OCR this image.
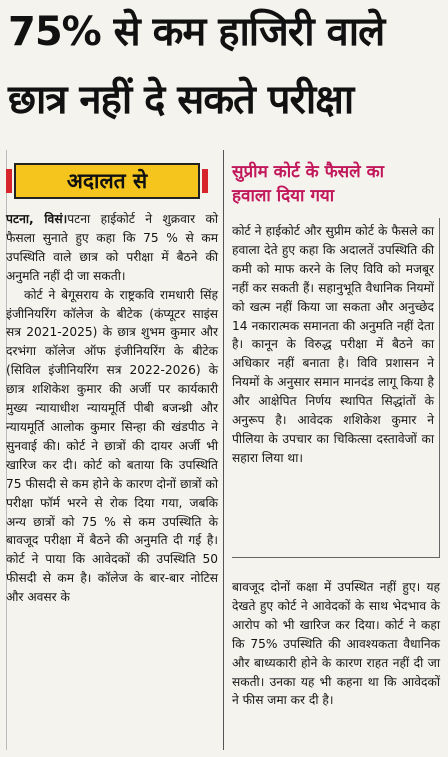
75% से कम हाजिरी वाले
छात्र नहीं दे सकते परीक्षा
अदालत से	सुप्रीम कोर्ट के फैसले का
हवाला दिया गया

पटना, विसं।पटना हाईकोर्ट ने शुक्रवार को फैसला सुनाते हुए कहा कि 75 % से कम उपस्थिति वाले छात्र को परीक्षा में बैठने की अनुमति नहीं दी जा सकती।

कोर्ट ने बेगूसराय के राष्ट्रकवि रामधारी सिंह इंजीनियरिंग कॉलेज के बीटेक (कंप्यूटर साइंस सत्र 2021-2025) के छात्र शुभम कुमार और दरभंगा कॉलेज ऑफ इंजीनियरिंग के बीटेक (सिविल इंजीनियरिंग सत्र 2022-2026) के छात्र शशिकेश कुमार की अर्जी पर कार्यकारी मुख्य न्यायाधीश न्यायमूर्ति पीबी बजन्थ्री और न्यायमूर्ति आलोक कुमार सिन्हा की खंडपीठ ने सुनवाई की। कोर्ट ने छात्रों की दायर अर्जी भी खारिज कर दी। कोर्ट को बताया कि उपस्थिति 75 फीसदी से कम होने के कारण दोनों छात्रों को परीक्षा फॉर्म भरने से रोक दिया गया, जबकि अन्य छात्रों को 75 % से कम उपस्थिति के बावजूद परीक्षा में बैठने की अनुमति दी गई है। कोर्ट ने पाया कि आवेदकों की उपस्थिति 50 फीसदी से कम है। कॉलेज के बार-बार नोटिस और अवसर के

कोर्ट ने हाईकोर्ट और सुप्रीम कोर्ट के फैसले का हवाला देते हुए कहा कि अदालतें उपस्थिति की कमी को माफ करने के लिए विवि को मजबूर नहीं कर सकती हैं। सहानुभूति वैधानिक नियमों को खत्म नहीं किया जा सकता और अनुच्छेद 14 नकारात्मक समानता की अनुमति नहीं देता है। कानून के विरुद्ध परीक्षा में बैठने का अधिकार नहीं बनाता है। विवि प्रशासन ने नियमों के अनुसार समान मानदंड लागू किया है और आक्षेपित निर्णय स्थापित सिद्धांतों के अनुरूप है। आवेदक शशिकेश कुमार ने पीलिया के उपचार का चिकित्सा दस्तावेजों का सहारा लिया था।

बावजूद दोनों कक्षा में उपस्थित नहीं हुए। यह देखते हुए कोर्ट ने आवेदकों के साथ भेदभाव के आरोप को भी खारिज कर दिया। कोर्ट ने कहा कि 75% उपस्थिति की आवश्यकता वैधानिक और बाध्यकारी होने के कारण राहत नहीं दी जा सकती। उनका यह भी कहना था कि आवेदकों ने फीस जमा कर दी है।
